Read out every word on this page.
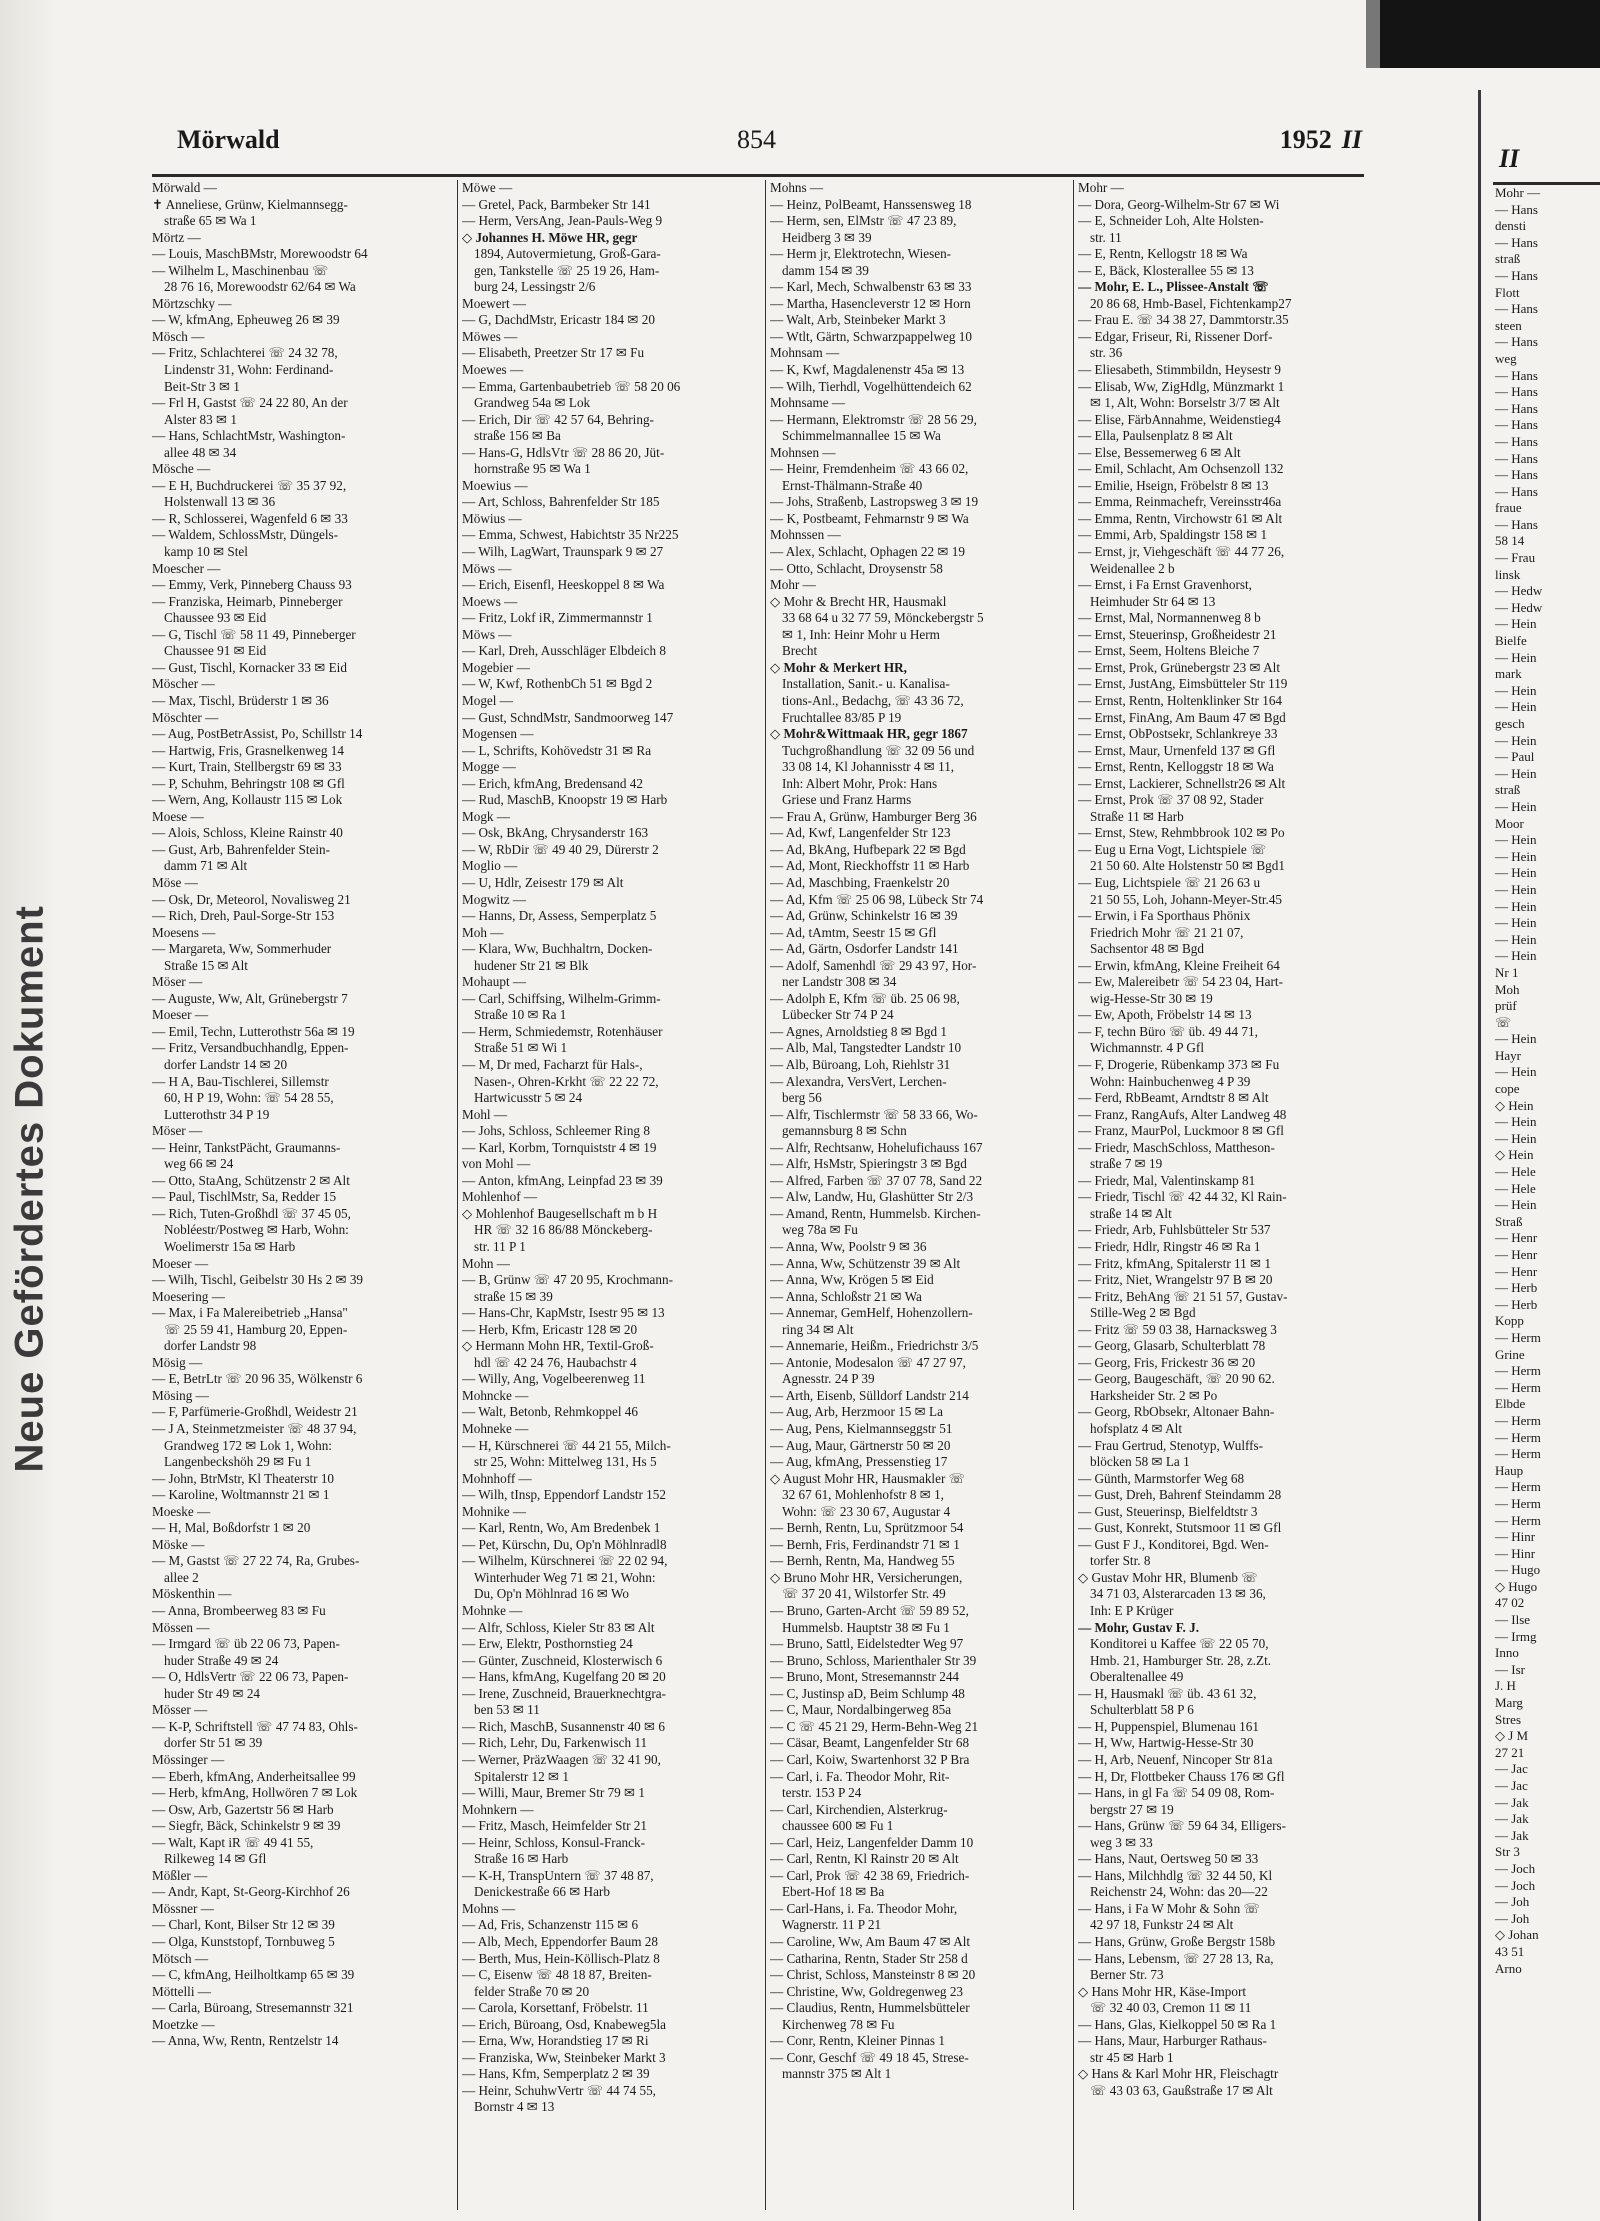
Neue Gefördertes Dokument
Mörwald	854	1952 II
Mörwald —
✝ Anneliese, Grünw, Kielmannsegg-
straße 65 ✉ Wa 1
Mörtz —
— Louis, MaschBMstr, Morewoodstr 64
— Wilhelm L, Maschinenbau ☏
28 76 16, Morewoodstr 62/64 ✉ Wa
Mörtzschky —
— W, kfmAng, Epheuweg 26 ✉ 39
Mösch —
— Fritz, Schlachterei ☏ 24 32 78,
Lindenstr 31, Wohn: Ferdinand-
Beit-Str 3 ✉ 1
— Frl H, Gastst ☏ 24 22 80, An der
Alster 83 ✉ 1
— Hans, SchlachtMstr, Washington-
allee 48 ✉ 34
Mösche —
— E H, Buchdruckerei ☏ 35 37 92,
Holstenwall 13 ✉ 36
— R, Schlosserei, Wagenfeld 6 ✉ 33
— Waldem, SchlossMstr, Düngels-
kamp 10 ✉ Stel
Moescher —
— Emmy, Verk, Pinneberg Chauss 93
— Franziska, Heimarb, Pinneberger
Chaussee 93 ✉ Eid
— G, Tischl ☏ 58 11 49, Pinneberger
Chaussee 91 ✉ Eid
— Gust, Tischl, Kornacker 33 ✉ Eid
Möscher —
— Max, Tischl, Brüderstr 1 ✉ 36
Möschter —
— Aug, PostBetrAssist, Po, Schillstr 14
— Hartwig, Fris, Grasnelkenweg 14
— Kurt, Train, Stellbergstr 69 ✉ 33
— P, Schuhm, Behringstr 108 ✉ Gfl
— Wern, Ang, Kollaustr 115 ✉ Lok
Moese —
— Alois, Schloss, Kleine Rainstr 40
— Gust, Arb, Bahrenfelder Stein-
damm 71 ✉ Alt
Möse —
— Osk, Dr, Meteorol, Novalisweg 21
— Rich, Dreh, Paul-Sorge-Str 153
Moesens —
— Margareta, Ww, Sommerhuder
Straße 15 ✉ Alt
Möser —
— Auguste, Ww, Alt, Grünebergstr 7
Moeser —
— Emil, Techn, Lutterothstr 56a ✉ 19
— Fritz, Versandbuchhandlg, Eppen-
dorfer Landstr 14 ✉ 20
— H A, Bau-Tischlerei, Sillemstr
60, H P 19, Wohn: ☏ 54 28 55,
Lutterothstr 34 P 19
Möser —
— Heinr, TankstPächt, Graumanns-
weg 66 ✉ 24
— Otto, StaAng, Schützenstr 2 ✉ Alt
— Paul, TischlMstr, Sa, Redder 15
— Rich, Tuten-Großhdl ☏ 37 45 05,
Nobléestr/Postweg ✉ Harb, Wohn:
Woelimerstr 15a ✉ Harb
Moeser —
— Wilh, Tischl, Geibelstr 30 Hs 2 ✉ 39
Moesering —
— Max, i Fa Malereibetrieb „Hansa"
☏ 25 59 41, Hamburg 20, Eppen-
dorfer Landstr 98
Mösig —
— E, BetrLtr ☏ 20 96 35, Wölkenstr 6
Mösing —
— F, Parfümerie-Großhdl, Weidestr 21
— J A, Steinmetzmeister ☏ 48 37 94,
Grandweg 172 ✉ Lok 1, Wohn:
Langenbeckshöh 29 ✉ Fu 1
— John, BtrMstr, Kl Theaterstr 10
— Karoline, Woltmannstr 21 ✉ 1
Moeske —
— H, Mal, Boßdorfstr 1 ✉ 20
Möske —
— M, Gastst ☏ 27 22 74, Ra, Grubes-
allee 2
Möskenthin —
— Anna, Brombeerweg 83 ✉ Fu
Mössen —
— Irmgard ☏ üb 22 06 73, Papen-
huder Straße 49 ✉ 24
— O, HdlsVertr ☏ 22 06 73, Papen-
huder Str 49 ✉ 24
Mösser —
— K-P, Schriftstell ☏ 47 74 83, Ohls-
dorfer Str 51 ✉ 39
Mössinger —
— Eberh, kfmAng, Anderheitsallee 99
— Herb, kfmAng, Hollwören 7 ✉ Lok
— Osw, Arb, Gazertstr 56 ✉ Harb
— Siegfr, Bäck, Schinkelstr 9 ✉ 39
— Walt, Kapt iR ☏ 49 41 55,
Rilkeweg 14 ✉ Gfl
Mößler —
— Andr, Kapt, St-Georg-Kirchhof 26
Mössner —
— Charl, Kont, Bilser Str 12 ✉ 39
— Olga, Kunststopf, Tornbuweg 5
Mötsch —
— C, kfmAng, Heilholtkamp 65 ✉ 39
Möttelli —
— Carla, Büroang, Stresemannstr 321
Moetzke —
— Anna, Ww, Rentn, Rentzelstr 14
Möwe —
— Gretel, Pack, Barmbeker Str 141
— Herm, VersAng, Jean-Pauls-Weg 9
◇ Johannes H. Möwe HR, gegr
1894, Autovermietung, Groß-Gara-
gen, Tankstelle ☏ 25 19 26, Ham-
burg 24, Lessingstr 2/6
Moewert —
— G, DachdMstr, Ericastr 184 ✉ 20
Möwes —
— Elisabeth, Preetzer Str 17 ✉ Fu
Moewes —
— Emma, Gartenbaubetrieb ☏ 58 20 06
Grandweg 54a ✉ Lok
— Erich, Dir ☏ 42 57 64, Behring-
straße 156 ✉ Ba
— Hans-G, HdlsVtr ☏ 28 86 20, Jüt-
hornstraße 95 ✉ Wa 1
Moewius —
— Art, Schloss, Bahrenfelder Str 185
Möwius —
— Emma, Schwest, Habichtstr 35 Nr225
— Wilh, LagWart, Traunspark 9 ✉ 27
Möws —
— Erich, Eisenfl, Heeskoppel 8 ✉ Wa
Moews —
— Fritz, Lokf iR, Zimmermannstr 1
Möws —
— Karl, Dreh, Ausschläger Elbdeich 8
Mogebier —
— W, Kwf, RothenbCh 51 ✉ Bgd 2
Mogel —
— Gust, SchndMstr, Sandmoorweg 147
Mogensen —
— L, Schrifts, Kohövedstr 31 ✉ Ra
Mogge —
— Erich, kfmAng, Bredensand 42
— Rud, MaschB, Knoopstr 19 ✉ Harb
Mogk —
— Osk, BkAng, Chrysanderstr 163
— W, RbDir ☏ 49 40 29, Dürerstr 2
Moglio —
— U, Hdlr, Zeisestr 179 ✉ Alt
Mogwitz —
— Hanns, Dr, Assess, Semperplatz 5
Moh —
— Klara, Ww, Buchhaltrn, Docken-
hudener Str 21 ✉ Blk
Mohaupt —
— Carl, Schiffsing, Wilhelm-Grimm-
Straße 10 ✉ Ra 1
— Herm, Schmiedemstr, Rotenhäuser
Straße 51 ✉ Wi 1
— M, Dr med, Facharzt für Hals-,
Nasen-, Ohren-Krkht ☏ 22 22 72,
Hartwicusstr 5 ✉ 24
Mohl —
— Johs, Schloss, Schleemer Ring 8
— Karl, Korbm, Tornquiststr 4 ✉ 19
von Mohl —
— Anton, kfmAng, Leinpfad 23 ✉ 39
Mohlenhof —
◇ Mohlenhof Baugesellschaft m b H
HR ☏ 32 16 86/88 Mönckeberg-
str. 11 P 1
Mohn —
— B, Grünw ☏ 47 20 95, Krochmann-
straße 15 ✉ 39
— Hans-Chr, KapMstr, Isestr 95 ✉ 13
— Herb, Kfm, Ericastr 128 ✉ 20
◇ Hermann Mohn HR, Textil-Groß-
hdl ☏ 42 24 76, Haubachstr 4
— Willy, Ang, Vogelbeerenweg 11
Mohncke —
— Walt, Betonb, Rehmkoppel 46
Mohneke —
— H, Kürschnerei ☏ 44 21 55, Milch-
str 25, Wohn: Mittelweg 131, Hs 5
Mohnhoff —
— Wilh, tInsp, Eppendorf Landstr 152
Mohnike —
— Karl, Rentn, Wo, Am Bredenbek 1
— Pet, Kürschn, Du, Op'n Möhlnradl8
— Wilhelm, Kürschnerei ☏ 22 02 94,
Winterhuder Weg 71 ✉ 21, Wohn:
Du, Op'n Möhlnrad 16 ✉ Wo
Mohnke —
— Alfr, Schloss, Kieler Str 83 ✉ Alt
— Erw, Elektr, Posthornstieg 24
— Günter, Zuschneid, Klosterwisch 6
— Hans, kfmAng, Kugelfang 20 ✉ 20
— Irene, Zuschneid, Brauerknechtgra-
ben 53 ✉ 11
— Rich, MaschB, Susannenstr 40 ✉ 6
— Rich, Lehr, Du, Farkenwisch 11
— Werner, PräzWaagen ☏ 32 41 90,
Spitalerstr 12 ✉ 1
— Willi, Maur, Bremer Str 79 ✉ 1
Mohnkern —
— Fritz, Masch, Heimfelder Str 21
— Heinr, Schloss, Konsul-Franck-
Straße 16 ✉ Harb
— K-H, TranspUntern ☏ 37 48 87,
Denickestraße 66 ✉ Harb
Mohns —
— Ad, Fris, Schanzenstr 115 ✉ 6
— Alb, Mech, Eppendorfer Baum 28
— Berth, Mus, Hein-Köllisch-Platz 8
— C, Eisenw ☏ 48 18 87, Breiten-
felder Straße 70 ✉ 20
— Carola, Korsettanf, Fröbelstr. 11
— Erich, Büroang, Osd, Knabeweg5la
— Erna, Ww, Horandstieg 17 ✉ Ri
— Franziska, Ww, Steinbeker Markt 3
— Hans, Kfm, Semperplatz 2 ✉ 39
— Heinr, SchuhwVertr ☏ 44 74 55,
Bornstr 4 ✉ 13
Mohns —
— Heinz, PolBeamt, Hanssensweg 18
— Herm, sen, ElMstr ☏ 47 23 89,
Heidberg 3 ✉ 39
— Herm jr, Elektrotechn, Wiesen-
damm 154 ✉ 39
— Karl, Mech, Schwalbenstr 63 ✉ 33
— Martha, Hasencleverstr 12 ✉ Horn
— Walt, Arb, Steinbeker Markt 3
— Wtlt, Gärtn, Schwarzpappelweg 10
Mohnsam —
— K, Kwf, Magdalenenstr 45a ✉ 13
— Wilh, Tierhdl, Vogelhüttendeich 62
Mohnsame —
— Hermann, Elektromstr ☏ 28 56 29,
Schimmelmannallee 15 ✉ Wa
Mohnsen —
— Heinr, Fremdenheim ☏ 43 66 02,
Ernst-Thälmann-Straße 40
— Johs, Straßenb, Lastropsweg 3 ✉ 19
— K, Postbeamt, Fehmarnstr 9 ✉ Wa
Mohnssen —
— Alex, Schlacht, Ophagen 22 ✉ 19
— Otto, Schlacht, Droysenstr 58
Mohr —
◇ Mohr & Brecht HR, Hausmakl
33 68 64 u 32 77 59, Mönckebergstr 5
✉ 1, Inh: Heinr Mohr u Herm
Brecht
◇ Mohr & Merkert HR,
Installation, Sanit.- u. Kanalisa-
tions-Anl., Bedachg, ☏ 43 36 72,
Fruchtallee 83/85 P 19
◇ Mohr&Wittmaak HR, gegr 1867
Tuchgroßhandlung ☏ 32 09 56 und
33 08 14, Kl Johannisstr 4 ✉ 11,
Inh: Albert Mohr, Prok: Hans
Griese und Franz Harms
— Frau A, Grünw, Hamburger Berg 36
— Ad, Kwf, Langenfelder Str 123
— Ad, BkAng, Hufbepark 22 ✉ Bgd
— Ad, Mont, Rieckhoffstr 11 ✉ Harb
— Ad, Maschbing, Fraenkelstr 20
— Ad, Kfm ☏ 25 06 98, Lübeck Str 74
— Ad, Grünw, Schinkelstr 16 ✉ 39
— Ad, tAmtm, Seestr 15 ✉ Gfl
— Ad, Gärtn, Osdorfer Landstr 141
— Adolf, Samenhdl ☏ 29 43 97, Hor-
ner Landstr 308 ✉ 34
— Adolph E, Kfm ☏ üb. 25 06 98,
Lübecker Str 74 P 24
— Agnes, Arnoldstieg 8 ✉ Bgd 1
— Alb, Mal, Tangstedter Landstr 10
— Alb, Büroang, Loh, Riehlstr 31
— Alexandra, VersVert, Lerchen-
berg 56
— Alfr, Tischlermstr ☏ 58 33 66, Wo-
gemannsburg 8 ✉ Schn
— Alfr, Rechtsanw, Hohelufichauss 167
— Alfr, HsMstr, Spieringstr 3 ✉ Bgd
— Alfred, Farben ☏ 37 07 78, Sand 22
— Alw, Landw, Hu, Glashütter Str 2/3
— Amand, Rentn, Hummelsb. Kirchen-
weg 78a ✉ Fu
— Anna, Ww, Poolstr 9 ✉ 36
— Anna, Ww, Schützenstr 39 ✉ Alt
— Anna, Ww, Krögen 5 ✉ Eid
— Anna, Schloßstr 21 ✉ Wa
— Annemar, GemHelf, Hohenzollern-
ring 34 ✉ Alt
— Annemarie, Heißm., Friedrichstr 3/5
— Antonie, Modesalon ☏ 47 27 97,
Agnesstr. 24 P 39
— Arth, Eisenb, Sülldorf Landstr 214
— Aug, Arb, Herzmoor 15 ✉ La
— Aug, Pens, Kielmannseggstr 51
— Aug, Maur, Gärtnerstr 50 ✉ 20
— Aug, kfmAng, Pressenstieg 17
◇ August Mohr HR, Hausmakler ☏
32 67 61, Mohlenhofstr 8 ✉ 1,
Wohn: ☏ 23 30 67, Augustar 4
— Bernh, Rentn, Lu, Sprützmoor 54
— Bernh, Fris, Ferdinandstr 71 ✉ 1
— Bernh, Rentn, Ma, Handweg 55
◇ Bruno Mohr HR, Versicherungen,
☏ 37 20 41, Wilstorfer Str. 49
— Bruno, Garten-Archt ☏ 59 89 52,
Hummelsb. Hauptstr 38 ✉ Fu 1
— Bruno, Sattl, Eidelstedter Weg 97
— Bruno, Schloss, Marienthaler Str 39
— Bruno, Mont, Stresemannstr 244
— C, Justinsp aD, Beim Schlump 48
— C, Maur, Nordalbingerweg 85a
— C ☏ 45 21 29, Herm-Behn-Weg 21
— Cäsar, Beamt, Langenfelder Str 68
— Carl, Koiw, Swartenhorst 32 P Bra
— Carl, i. Fa. Theodor Mohr, Rit-
terstr. 153 P 24
— Carl, Kirchendien, Alsterkrug-
chaussee 600 ✉ Fu 1
— Carl, Heiz, Langenfelder Damm 10
— Carl, Rentn, Kl Rainstr 20 ✉ Alt
— Carl, Prok ☏ 42 38 69, Friedrich-
Ebert-Hof 18 ✉ Ba
— Carl-Hans, i. Fa. Theodor Mohr,
Wagnerstr. 11 P 21
— Caroline, Ww, Am Baum 47 ✉ Alt
— Catharina, Rentn, Stader Str 258 d
— Christ, Schloss, Mansteinstr 8 ✉ 20
— Christine, Ww, Goldregenweg 23
— Claudius, Rentn, Hummelsbütteler
Kirchenweg 78 ✉ Fu
— Conr, Rentn, Kleiner Pinnas 1
— Conr, Geschf ☏ 49 18 45, Strese-
mannstr 375 ✉ Alt 1
Mohr —
— Dora, Georg-Wilhelm-Str 67 ✉ Wi
— E, Schneider Loh, Alte Holsten-
str. 11
— E, Rentn, Kellogstr 18 ✉ Wa
— E, Bäck, Klosterallee 55 ✉ 13
— Mohr, E. L., Plissee-Anstalt ☏
20 86 68, Hmb-Basel, Fichtenkamp27
— Frau E. ☏ 34 38 27, Dammtorstr.35
— Edgar, Friseur, Ri, Rissener Dorf-
str. 36
— Eliesabeth, Stimmbildn, Heysestr 9
— Elisab, Ww, ZigHdlg, Münzmarkt 1
✉ 1, Alt, Wohn: Borselstr 3/7 ✉ Alt
— Elise, FärbAnnahme, Weidenstieg4
— Ella, Paulsenplatz 8 ✉ Alt
— Else, Bessemerweg 6 ✉ Alt
— Emil, Schlacht, Am Ochsenzoll 132
— Emilie, Hseign, Fröbelstr 8 ✉ 13
— Emma, Reinmachefr, Vereinsstr46a
— Emma, Rentn, Virchowstr 61 ✉ Alt
— Emmi, Arb, Spaldingstr 158 ✉ 1
— Ernst, jr, Viehgeschäft ☏ 44 77 26,
Weidenallee 2 b
— Ernst, i Fa Ernst Gravenhorst,
Heimhuder Str 64 ✉ 13
— Ernst, Mal, Normannenweg 8 b
— Ernst, Steuerinsp, Großheidestr 21
— Ernst, Seem, Holtens Bleiche 7
— Ernst, Prok, Grünebergstr 23 ✉ Alt
— Ernst, JustAng, Eimsbütteler Str 119
— Ernst, Rentn, Holtenklinker Str 164
— Ernst, FinAng, Am Baum 47 ✉ Bgd
— Ernst, ObPostsekr, Schlankreye 33
— Ernst, Maur, Urnenfeld 137 ✉ Gfl
— Ernst, Rentn, Kelloggstr 18 ✉ Wa
— Ernst, Lackierer, Schnellstr26 ✉ Alt
— Ernst, Prok ☏ 37 08 92, Stader
Straße 11 ✉ Harb
— Ernst, Stew, Rehmbbrook 102 ✉ Po
— Eug u Erna Vogt, Lichtspiele ☏
21 50 60. Alte Holstenstr 50 ✉ Bgd1
— Eug, Lichtspiele ☏ 21 26 63 u
21 50 55, Loh, Johann-Meyer-Str.45
— Erwin, i Fa Sporthaus Phönix
Friedrich Mohr ☏ 21 21 07,
Sachsentor 48 ✉ Bgd
— Erwin, kfmAng, Kleine Freiheit 64
— Ew, Malereibetr ☏ 54 23 04, Hart-
wig-Hesse-Str 30 ✉ 19
— Ew, Apoth, Fröbelstr 14 ✉ 13
— F, techn Büro ☏ üb. 49 44 71,
Wichmannstr. 4 P Gfl
— F, Drogerie, Rübenkamp 373 ✉ Fu
Wohn: Hainbuchenweg 4 P 39
— Ferd, RbBeamt, Arndtstr 8 ✉ Alt
— Franz, RangAufs, Alter Landweg 48
— Franz, MaurPol, Luckmoor 8 ✉ Gfl
— Friedr, MaschSchloss, Mattheson-
straße 7 ✉ 19
— Friedr, Mal, Valentinskamp 81
— Friedr, Tischl ☏ 42 44 32, Kl Rain-
straße 14 ✉ Alt
— Friedr, Arb, Fuhlsbütteler Str 537
— Friedr, Hdlr, Ringstr 46 ✉ Ra 1
— Fritz, kfmAng, Spitalerstr 11 ✉ 1
— Fritz, Niet, Wrangelstr 97 B ✉ 20
— Fritz, BehAng ☏ 21 51 57, Gustav-
Stille-Weg 2 ✉ Bgd
— Fritz ☏ 59 03 38, Harnacksweg 3
— Georg, Glasarb, Schulterblatt 78
— Georg, Fris, Frickestr 36 ✉ 20
— Georg, Baugeschäft, ☏ 20 90 62.
Harksheider Str. 2 ✉ Po
— Georg, RbObsekr, Altonaer Bahn-
hofsplatz 4 ✉ Alt
— Frau Gertrud, Stenotyp, Wulffs-
blöcken 58 ✉ La 1
— Günth, Marmstorfer Weg 68
— Gust, Dreh, Bahrenf Steindamm 28
— Gust, Steuerinsp, Bielfeldtstr 3
— Gust, Konrekt, Stutsmoor 11 ✉ Gfl
— Gust F J., Konditorei, Bgd. Wen-
torfer Str. 8
◇ Gustav Mohr HR, Blumenb ☏
34 71 03, Alsterarcaden 13 ✉ 36,
Inh: E P Krüger
— Mohr, Gustav F. J.
Konditorei u Kaffee ☏ 22 05 70,
Hmb. 21, Hamburger Str. 28, z.Zt.
Oberaltenallee 49
— H, Hausmakl ☏ üb. 43 61 32,
Schulterblatt 58 P 6
— H, Puppenspiel, Blumenau 161
— H, Ww, Hartwig-Hesse-Str 30
— H, Arb, Neuenf, Nincoper Str 81a
— H, Dr, Flottbeker Chauss 176 ✉ Gfl
— Hans, in gl Fa ☏ 54 09 08, Rom-
bergstr 27 ✉ 19
— Hans, Grünw ☏ 59 64 34, Elligers-
weg 3 ✉ 33
— Hans, Naut, Oertsweg 50 ✉ 33
— Hans, Milchhdlg ☏ 32 44 50, Kl
Reichenstr 24, Wohn: das 20—22
— Hans, i Fa W Mohr & Sohn ☏
42 97 18, Funkstr 24 ✉ Alt
— Hans, Grünw, Große Bergstr 158b
— Hans, Lebensm, ☏ 27 28 13, Ra,
Berner Str. 73
◇ Hans Mohr HR, Käse-Import
☏ 32 40 03, Cremon 11 ✉ 11
— Hans, Glas, Kielkoppel 50 ✉ Ra 1
— Hans, Maur, Harburger Rathaus-
str 45 ✉ Harb 1
◇ Hans & Karl Mohr HR, Fleischagtr
☏ 43 03 63, Gaußstraße 17 ✉ Alt
II
Mohr —
— Hans
densti
— Hans
straß
— Hans
Flott
— Hans
steen
— Hans
weg
— Hans
— Hans
— Hans
— Hans
— Hans
— Hans
— Hans
— Hans
fraue
— Hans
58 14
— Frau
linsk
— Hedw
— Hedw
— Hein
Bielfe
— Hein
mark
— Hein
— Hein
gesch
— Hein
— Paul
— Hein
straß
— Hein
Moor
— Hein
— Hein
— Hein
— Hein
— Hein
— Hein
— Hein
— Hein
Nr 1
Moh
prüf
☏
— Hein
Hayr
— Hein
cope
◇ Hein
— Hein
— Hein
◇ Hein
— Hele
— Hele
— Hein
Straß
— Henr
— Henr
— Henr
— Herb
— Herb
Kopp
— Herm
Grine
— Herm
— Herm
Elbde
— Herm
— Herm
— Herm
Haup
— Herm
— Herm
— Herm
— Hinr
— Hinr
— Hugo
◇ Hugo
47 02
— Ilse
— Irmg
Inno
— Isr
J. H
Marg
Stres
◇ J M
27 21
— Jac
— Jac
— Jak
— Jak
— Jak
Str 3
— Joch
— Joch
— Joh
— Joh
◇ Johan
43 51
Arno
